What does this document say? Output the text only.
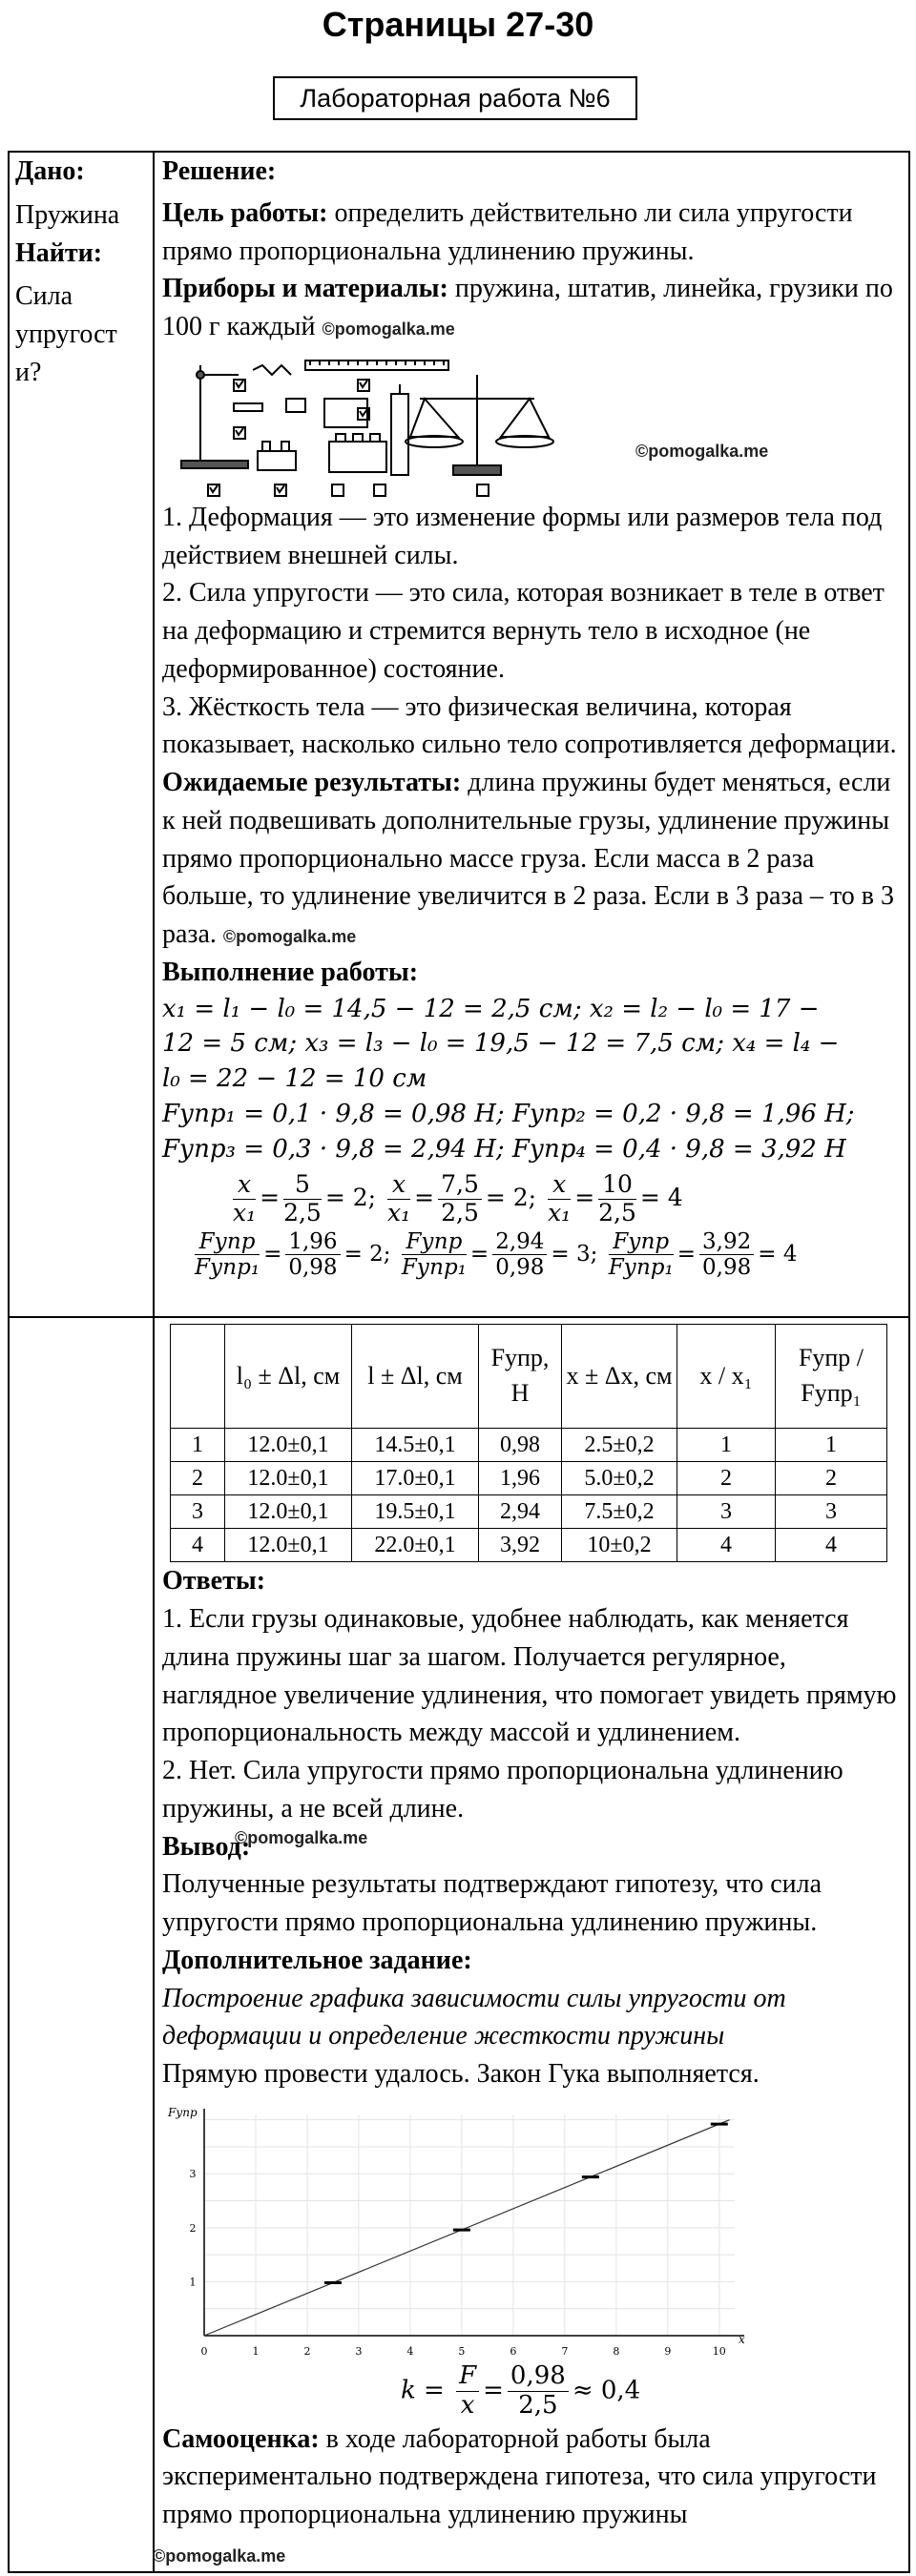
Страницы 27-30
Лабораторная работа №6
Дано:
Пружина
Найти:
Сила
упругост
и?
Решение:
Цель работы: определить действительно ли сила упругости прямо пропорциональна удлинению пружины.
Приборы и материалы: пружина, штатив, линейка, грузики по 100 г каждый ©pomogalka.me
©pomogalka.me
1. Деформация — это изменение формы или размеров тела под действием внешней силы.
2. Сила упругости — это сила, которая возникает в теле в ответ на деформацию и стремится вернуть тело в исходное (не деформированное) состояние.
3. Жёсткость тела — это физическая величина, которая показывает, насколько сильно тело сопротивляется деформации.
Ожидаемые результаты: длина пружины будет меняться, если к ней подвешивать дополнительные грузы, удлинение пружины прямо пропорционально массе груза. Если масса в 2 раза больше, то удлинение увеличится в 2 раза. Если в 3 раза – то в 3 раза. ©pomogalka.me
Выполнение работы:
x₁ = l₁ − l₀ = 14,5 − 12 = 2,5 см; x₂ = l₂ − l₀ = 17 −
12 = 5 см; x₃ = l₃ − l₀ = 19,5 − 12 = 7,5 см; x₄ = l₄ −
l₀ = 22 − 12 = 10 см
Fупр₁ = 0,1 · 9,8 = 0,98 Н; Fупр₂ = 0,2 · 9,8 = 1,96 Н;
Fупр₃ = 0,3 · 9,8 = 2,94 Н; Fупр₄ = 0,4 · 9,8 = 3,92 Н
$\frac{x}{\text{x₁}} = \frac{5}{2,5} = 2$; $\frac{x}{\text{x₁}} = \frac{7,5}{2,5} = 2$; $\frac{x}{\text{x₁}} = \frac{10}{2,5} = 4$
$\frac{\text{Fупр}}{\text{Fупр₁}} = \frac{1,96}{0,98} = 2$; $\frac{\text{Fупр}}{\text{Fупр₁}} = \frac{2,94}{0,98} = 3$; $\frac{\text{Fупр}}{\text{Fупр₁}} = \frac{3,92}{0,98} = 4$
	l₀ ± Δl, см	l ± Δl, см	Fупр, Н	x ± Δx, см	x / x₁	Fупр / Fупр₁
1	12.0±0,1	14.5±0,1	0,98	2.5±0,2	1	1
2	12.0±0,1	17.0±0,1	1,96	5.0±0,2	2	2
3	12.0±0,1	19.5±0,1	2,94	7.5±0,2	3	3
4	12.0±0,1	22.0±0,1	3,92	10±0,2	4	4
Ответы:
1. Если грузы одинаковые, удобнее наблюдать, как меняется длина пружины шаг за шагом. Получается регулярное, наглядное увеличение удлинения, что помогает увидеть прямую пропорциональность между массой и удлинением.
©pomogalka.me
2. Нет. Сила упругости прямо пропорциональна удлинению пружины, а не всей длине.
Вывод:
Полученные результаты подтверждают гипотезу, что сила упругости прямо пропорциональна удлинению пружины.
Дополнительное задание:
Построение графика зависимости силы упругости от деформации и определение жесткости пружины
Прямую провести удалось. Закон Гука выполняется.
0	1	2	3	4	5	6	7	8	9	10
1
2
3
Fупр
x
©pomogalka.me
$k = \frac{F}{x} = \frac{0,98}{2,5} \approx 0,4$
Самооценка: в ходе лабораторной работы была экспериментально подтверждена гипотеза, что сила упругости прямо пропорциональна удлинению пружины
